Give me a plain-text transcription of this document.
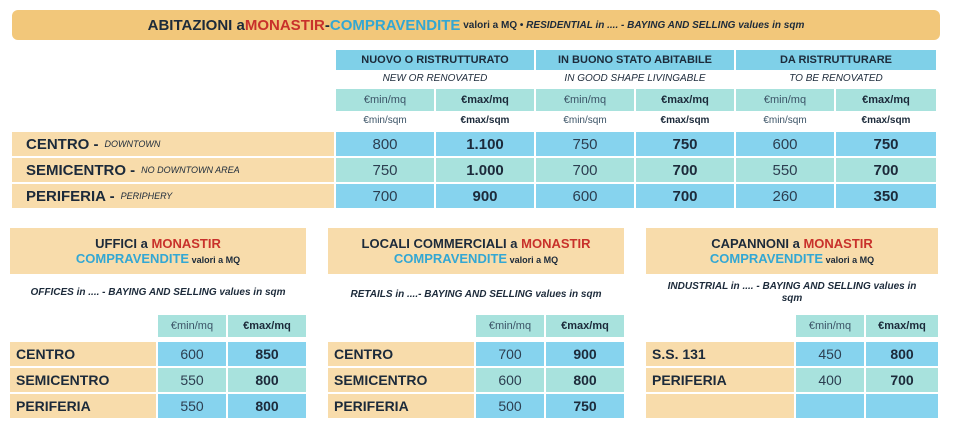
ABITAZIONI a MONASTIR - COMPRAVENDITE valori a MQ • RESIDENTIAL in .... - BAYING AND SELLING values in sqm
NUOVO O RISTRUTTURATO	IN BUONO STATO ABITABILE	DA RISTRUTTURARE
NEW OR RENOVATED	IN GOOD SHAPE LIVINGABLE	TO BE RENOVATED
€min/mq	€max/mq	€min/mq	€max/mq	€min/mq	€max/mq
€min/sqm	€max/sqm	€min/sqm	€max/sqm	€min/sqm	€max/sqm
CENTRO - DOWNTOWN	800	1.100	750	750	600	750
SEMICENTRO - NO DOWNTOWN AREA	750	1.000	700	700	550	700
PERIFERIA - PERIPHERY	700	900	600	700	260	350
UFFICI a MONASTIR
COMPRAVENDITE valori a MQ
OFFICES in .... - BAYING AND SELLING values in sqm
€min/mq	€max/mq
CENTRO	600	850
SEMICENTRO	550	800
PERIFERIA	550	800
LOCALI COMMERCIALI a MONASTIR
COMPRAVENDITE valori a MQ
RETAILS in ....- BAYING AND SELLING values in sqm
€min/mq	€max/mq
CENTRO	700	900
SEMICENTRO	600	800
PERIFERIA	500	750
CAPANNONI a MONASTIR
COMPRAVENDITE valori a MQ
INDUSTRIAL in .... - BAYING AND SELLING values in sqm
€min/mq	€max/mq
S.S. 131	450	800
PERIFERIA	400	700
